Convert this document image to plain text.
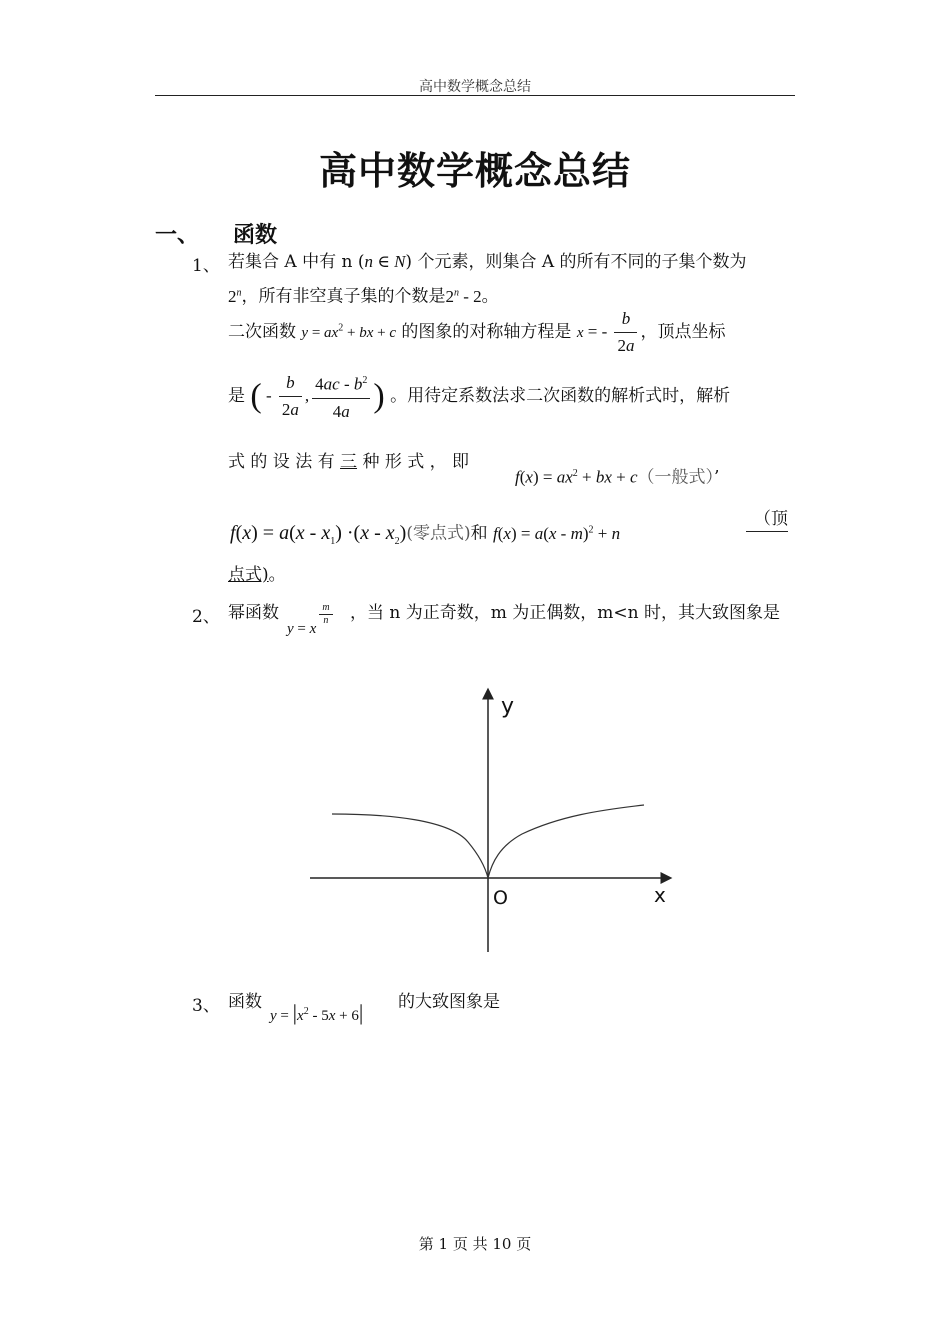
高中数学概念总结
高中数学概念总结
一、 函数
1、 若集合 A 中有 n (n ∈ N) 个元素，则集合 A 的所有不同的子集个数为
2$^n$，所有非空真子集的个数是2$^n$ - 2。
二次函数 $y = ax^2$ + bx + c 的图象的对称轴方程是 x = - $\frac{b}{2a}$ ，顶点坐标
是 ( - $\frac{b}{2a}$ , $\frac{4ac - b^2}{4a}$ ) 。用待定系数法求二次函数的解析式时，解析
式 的 设 法 有 三 种 形 式 ， 即
$f(x) = ax^2$ + bx + c（一般式）’
$f(x) = a(x - x_1) \cdot(x - x_2)$(零点式)和 f(x) = a(x - m)$^2$ + n
（顶
点式)。
2、 幂函数
y = x
$\frac{m}{n}$ ，当 n 为正奇数，m 为正偶数，m<n 时，其大致图象是
y
x
O
3、 函数
$y = |x^2 - 5x + 6|$ 的大致图象是
第 1 页 共 10 页
